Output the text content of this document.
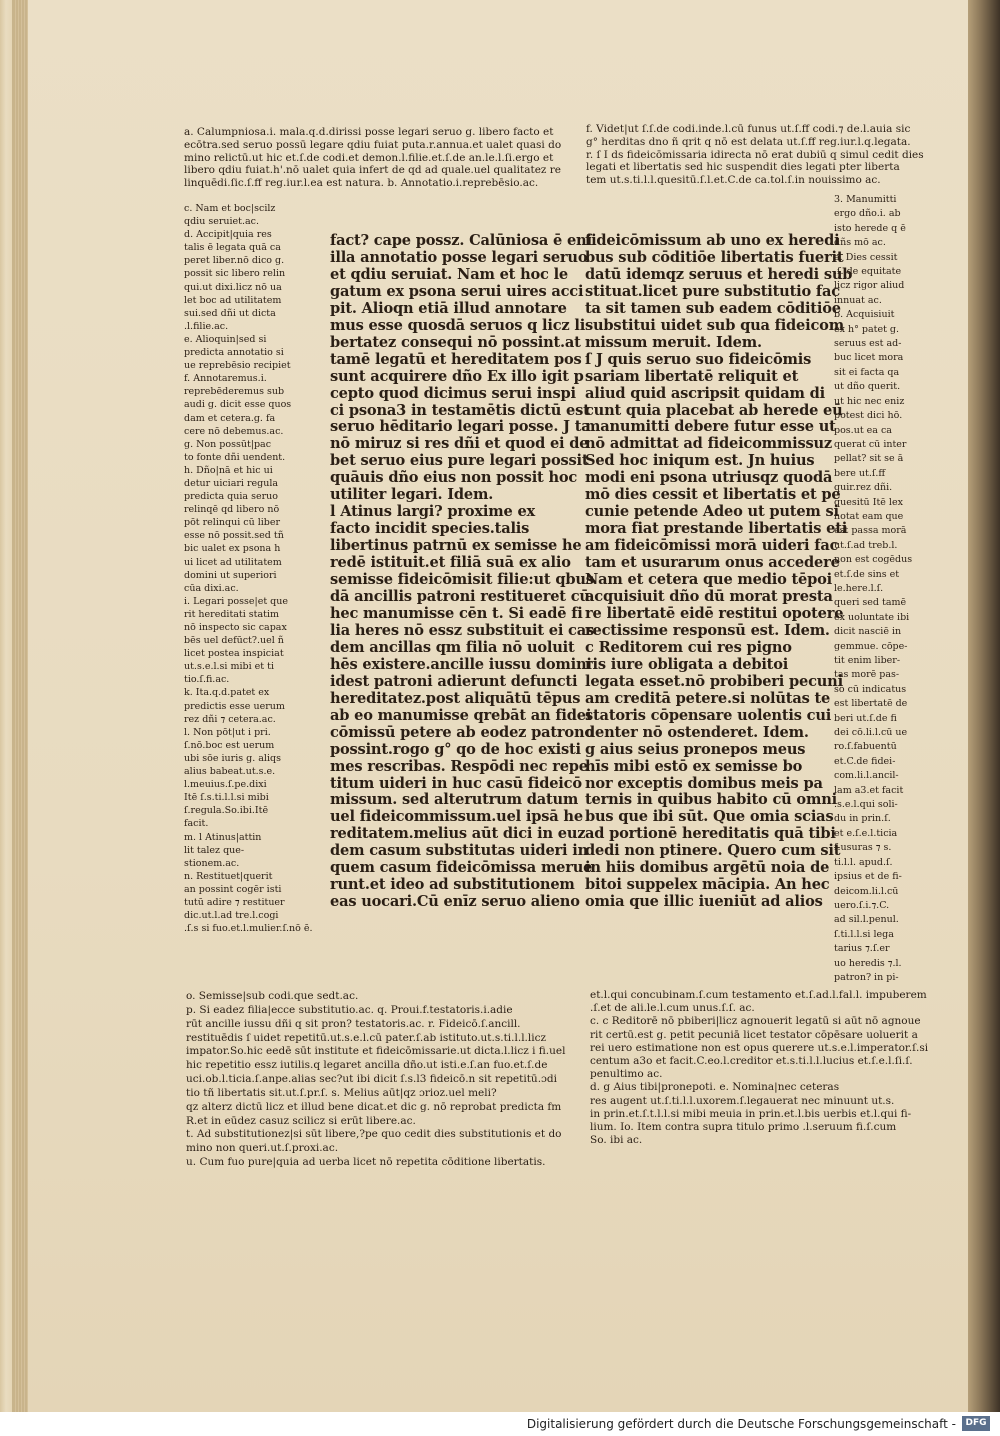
a. Calumpniosa.i. mala.q.d.dirissi posse legari seruo g. libero facto et
ecōtra.sed seruo possū legare qdiu fuiat puta.r.annua.et ualet quasi do
mino relictū.ut hic et.ſ.de codi.et demon.l.filie.et.ſ.de an.le.l.ſi.ergo et
libero qdiu fuiat.h'.nō ualet quia infert de qd ad quale.uel qualitatez re
linquēdi.ſic.ſ.ff reg.iur.l.ea est natura. b. Annotatio.i.reprebēsio.ac.
f. Videt|ut ſ.ſ.de codi.inde.l.cū funus ut.ſ.ff codi.⁊ de.l.auia sic
g° herditas dno ñ qrit q nō est delata ut.ſ.ff reg.iur.l.q.legata.
r. ſ I ds fideicōmissaria idirecta nō erat dubiū q simul cedit dies
legati et libertatis sed hic suspendit dies legati pter liberta
tem ut.s.ti.l.l.quesitū.ſ.l.et.C.de ca.tol.ſ.in nouissimo ac.
c. Nam et boc|scilz
qdiu seruiet.ac.
d. Accipit|quia res
talis ē legata quā ca
peret liber.nō dico g.
possit sic libero relin
qui.ut dixi.licz nō ua
let boc ad utilitatem
sui.sed dñi ut dicta
.l.filie.ac.
e. Alioquin|sed si
predicta annotatio si
ue reprebēsio recipiet
f. Annotaremus.i.
reprebēderemus sub
audi g. dicit esse quos
dam et cetera.g. fa
cere nō debemus.ac.
g. Non possūt|pac
to fonte dñi uendent.
h. Dño|nā et hic ui
detur uiciari regula
predicta quia seruo
relinqē qd libero nō
pōt relinqui cū liber
esse nō possit.sed tñ
bic ualet ex psona h
ui licet ad utilitatem
domini ut superiori
cūa dixi.ac.
i. Legari posse|et que
rit hereditati statim
nō inspecto sic capax
bēs uel defūct?.uel ñ
licet postea inspiciat
ut.s.e.l.si mibi et ti
tio.ſ.fi.ac.
k. Ita.q.d.patet ex
predictis esse uerum
rez dñi ⁊ cetera.ac.
l. Non pōt|ut i pri.
ſ.nō.boc est uerum
ubi sōe iuris g. aliqs
alius babeat.ut.s.e.
l.meuius.ſ.pe.dixi
Itē ſ.s.ti.l.l.si mibi
ſ.regula.So.ibi.Itē
facit.
m. l Atinus|attin
lit talez que-
stionem.ac.
n. Restituet|querit
an possint cogēr isti
tutū adire ⁊ restituer
dic.ut.l.ad tre.l.cogi
.ſ.s si fuo.et.l.mulier.ſ.nō ē.
fact? cape possz. Calūniosa ē eni
illa annotatio posse legari seruo
et qdiu seruiat. Nam et hoc le
gatum ex psona serui uires acci
pit. Alioqn etiā illud annotare
mus esse quosdā seruos q licz li
bertatez consequi nō possint.at
tamē legatū et hereditatem pos
sunt acquirere dño Ex illo igit p
cepto quod dicimus serui inspi
ci psona3 in testamētis dictū est
seruo hēditario legari posse. J ta
nō miruz si res dñi et quod ei de
bet seruo eius pure legari possit
quāuis dño eius non possit hoc
utiliter legari. Idem.
l Atinus largi? proxime ex
facto incidit species.talis
libertinus patrnū ex semisse he
redē istituit.et filiā suā ex alio
semisse fideicōmisit filie:ut qbus
dā ancillis patroni restitueret cū
hec manumisse cēn t. Si eadē fi
lia heres nō essz substituit ei cas
dem ancillas qm filia nō uoluit
hēs existere.ancille iussu domini
idest patroni adierunt defuncti
hereditatez.post aliquātū tēpus
ab eo manumisse qrebāt an fidei
cōmissū petere ab eodez patrono
possint.rogo g° qo de hoc existi
mes rescribas. Respōdi nec repe
titum uideri in huc casū fideicō
missum. sed alterutrum datum
uel fideicommissum.uel ipsā he
reditatem.melius aūt dici in euz
dem casum substitutas uideri in
quem casum fideicōmissa merue
runt.et ideo ad substitutionem
eas uocari.Cū enīz seruo alieno
fideicōmissum ab uno ex heredi
bus sub cōditiōe libertatis fuerit
datū idemqz seruus et heredi sub
stituat.licet pure substitutio fac
ta sit tamen sub eadem cōditiōe
substitui uidet sub qua fideicom
missum meruit. Idem.
ſ J quis seruo suo fideicōmis
sariam libertatē reliquit et
aliud quid ascripsit quidam di
cunt quia placebat ab herede eū
manumitti debere futur esse ut
nō admittat ad fideicommissuz
Sed hoc iniqum est. Jn huius
modi eni psona utriusqz quodā
mō dies cessit et libertatis et pe
cunie petende Adeo ut putem si
mora fiat prestande libertatis eti
am fideicōmissi morā uideri fac
tam et usurarum onus accedere
Nam et cetera que medio tēpoi
acquisiuit dño dū morat presta
re libertatē eidē restitui opotere
rectissime responsū est. Idem.
c Reditorem cui res pigno
ris iure obligata a debitoi
legata esset.nō probiberi pecuni
am creditā petere.si nolūtas te
statoris cōpensare uolentis cui
denter nō ostenderet. Idem.
g aius seius pronepos meus
hīs mibi estō ex semisse bo
nor exceptis domibus meis pa
ternis in quibus habito cū omni
bus que ibi sūt. Que omia scias
ad portionē hereditatis quā tibi
dedi non ptinere. Quero cum sit
in hiis domibus argētū noia de
bitoi suppelex mācipia. An hec
omia que illic iueniūt ad alios
3. Manumitti
ergo dño.i. ab
isto herede q ē
dñs mō ac.
a. Dies cessit
.ſ. de equitate
licz rigor aliud
innuat ac.
b. Acquisiuit
ex h° patet g.
seruus est ad-
buc licet mora
sit ei facta qa
ut dño querit.
ut hic nec eniz
potest dici hō.
pos.ut ea ca
querat cū inter
pellat? sit se ā
bere ut.ſ.ff
quir.rez dñi.
quesitū Itē lex
notat eam que
est passa morā
ut.ſ.ad treb.l.
non est cogēdus
et.ſ.de sins et
le.here.l.ſ.
queri sed tamē
ex uoluntate ibi
dicit nasciē in
gemmue. cōpe-
tit enim liber-
tas morē pas-
so cū indicatus
est libertatē de
beri ut.ſ.de fi
dei cō.li.l.cū ue
ro.ſ.fabuentū
et.C.de fidei-
com.li.l.ancil-
lam a3.et facit
.s.e.l.qui soli-
du in prin.ſ.
et e.ſ.e.l.ticia
ſ.usuras ⁊ s.
ti.l.l. apud.ſ.
ipsius et de fi-
deicom.li.l.cū
uero.ſ.i.⁊.C.
ad sil.l.penul.
ſ.ti.l.l.si lega
tarius ⁊.ſ.er
uo heredis ⁊.l.
patron? in pi-
o. Semisse|sub codi.que sedt.ac.
p. Si eadez filia|ecce substitutio.ac. q. Proui.f.testatoris.i.adie
rūt ancille iussu dñi q sit pron? testatoris.ac. r. Fideicō.ſ.ancill.
restituēdis ſ uidet repetitū.ut.s.e.l.cū pater.ſ.ab istituto.ut.s.ti.l.l.licz
impator.So.hic eedē sūt institute et fideicōmissarie.ut dicta.l.licz i fi.uel
hic repetitio essz iutilis.q legaret ancilla dño.ut isti.e.ſ.an fuo.et.ſ.de
uci.ob.l.ticia.ſ.anpe.alias sec?ut ibi dicit ſ.s.l3 fideicō.n sit repetitū.ɔdi
tio tñ libertatis sit.ut.ſ.pr.ſ. s. Melius aūt|qz ɔrioz.uel meli?
qz alterz dictū licz et illud bene dicat.et dic g. nō reprobat predicta fm
R.et in eūdez casuz scilicz si erūt libere.ac.
t. Ad substitutionez|si sūt libere,?pe quo cedit dies substitutionis et do
mino non queri.ut.ſ.proxi.ac.
u. Cum fuo pure|quia ad uerba licet nō repetita cōditione libertatis.
et.l.qui concubinam.ſ.cum testamento et.ſ.ad.l.fal.l. impuberem
.ſ.et de ali.le.l.cum unus.ſ.ſ. ac.
c. c Reditorē nō pbiberi|licz agnouerit legatū si aūt nō agnoue
rit certū.est g. petit pecuniā licet testator cōpēsare uoluerit a
rei uero estimatione non est opus querere ut.s.e.l.imperator.ſ.si
centum a3o et facit.C.eo.l.creditor et.s.ti.l.l.lucius et.ſ.e.l.ſi.ſ.
penultimo ac.
d. g Aius tibi|pronepoti. e. Nomina|nec ceteras
res augent ut.ſ.ti.l.l.uxorem.ſ.legauerat nec minuunt ut.s.
in prin.et.ſ.t.l.l.si mibi meuia in prin.et.l.bis uerbis et.l.qui fi-
lium. Io. Item contra supra titulo primo .l.seruum fi.ſ.cum
So. ibi ac.
Digitalisierung gefördert durch die Deutsche Forschungsgemeinschaft -	DFG
